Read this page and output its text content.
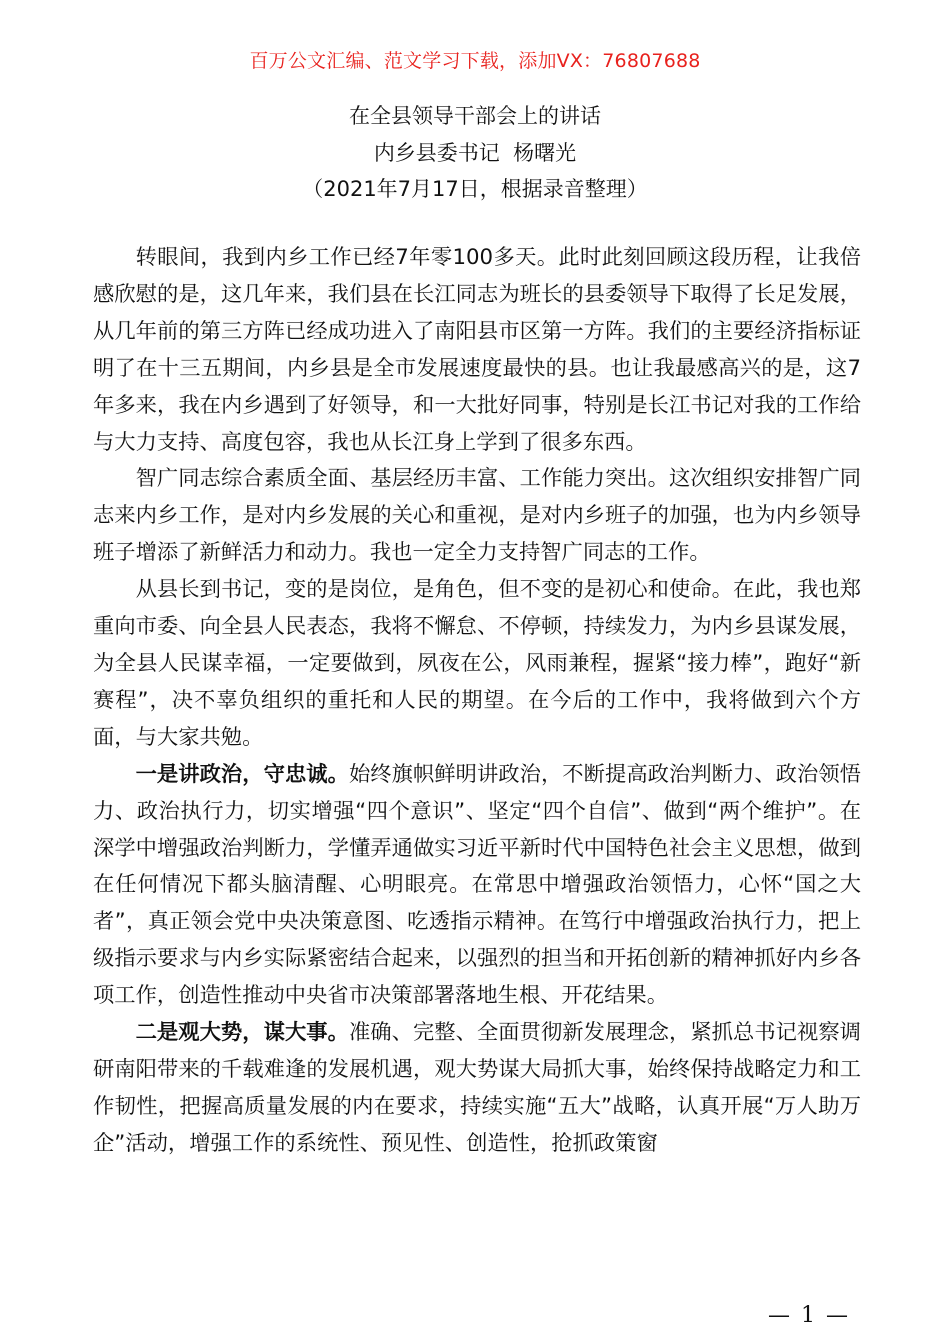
百万公文汇编、范文学习下载，添加VX：76807688
在全县领导干部会上的讲话
内乡县委书记  杨曙光
（2021年7月17日，根据录音整理）

转眼间，我到内乡工作已经7年零100多天。此时此刻回顾这段历程，让我倍感欣慰的是，这几年来，我们县在长江同志为班长的县委领导下取得了长足发展，从几年前的第三方阵已经成功进入了南阳县市区第一方阵。我们的主要经济指标证明了在十三五期间，内乡县是全市发展速度最快的县。也让我最感高兴的是，这7年多来，我在内乡遇到了好领导，和一大批好同事，特别是长江书记对我的工作给与大力支持、高度包容，我也从长江身上学到了很多东西。

智广同志综合素质全面、基层经历丰富、工作能力突出。这次组织安排智广同志来内乡工作，是对内乡发展的关心和重视，是对内乡班子的加强，也为内乡领导班子增添了新鲜活力和动力。我也一定全力支持智广同志的工作。

从县长到书记，变的是岗位，是角色，但不变的是初心和使命。在此，我也郑重向市委、向全县人民表态，我将不懈怠、不停顿，持续发力，为内乡县谋发展，为全县人民谋幸福，一定要做到，夙夜在公，风雨兼程，握紧“接力棒”，跑好“新赛程”，决不辜负组织的重托和人民的期望。在今后的工作中，我将做到六个方面，与大家共勉。

一是讲政治，守忠诚。始终旗帜鲜明讲政治，不断提高政治判断力、政治领悟力、政治执行力，切实增强“四个意识”、坚定“四个自信”、做到“两个维护”。在深学中增强政治判断力，学懂弄通做实习近平新时代中国特色社会主义思想，做到在任何情况下都头脑清醒、心明眼亮。在常思中增强政治领悟力，心怀“国之大者”，真正领会党中央决策意图、吃透指示精神。在笃行中增强政治执行力，把上级指示要求与内乡实际紧密结合起来，以强烈的担当和开拓创新的精神抓好内乡各项工作，创造性推动中央省市决策部署落地生根、开花结果。

二是观大势，谋大事。准确、完整、全面贯彻新发展理念，紧抓总书记视察调研南阳带来的千载难逢的发展机遇，观大势谋大局抓大事，始终保持战略定力和工作韧性，把握高质量发展的内在要求，持续实施“五大”战略，认真开展“万人助万企”活动，增强工作的系统性、预见性、创造性，抢抓政策窗

— 1 —
